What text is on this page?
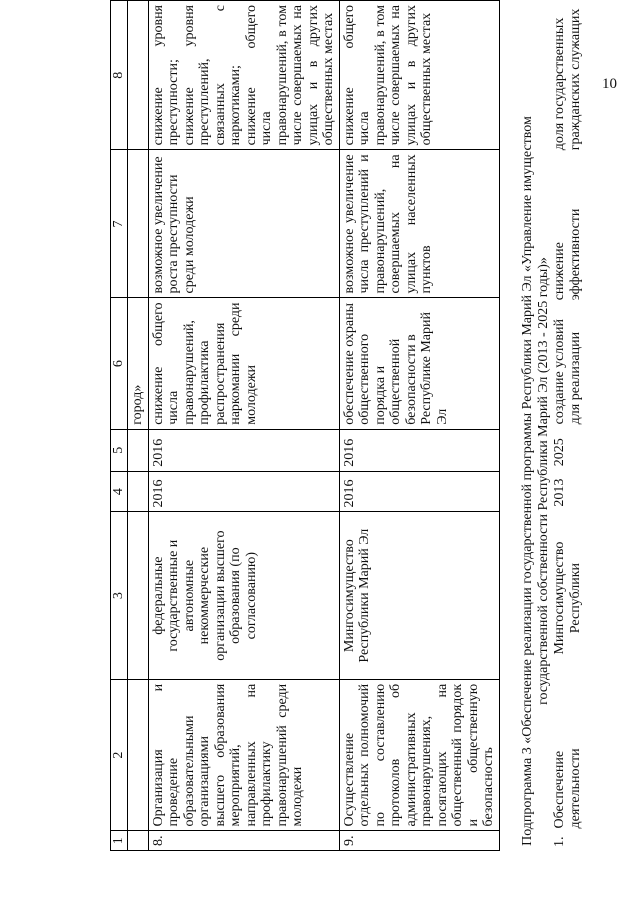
10
1	2	3	4	5	6	7	8
					город»		
8.	Организация и проведение образовательными организациями высшего образования мероприятий, направленных на профилактику правонарушений среди молодежи	федеральные государственные и автономные некоммерческие организации высшего образования (по согласованию)	2016	2016	снижение общего числа правонарушений, профилактика распространения наркомании среди молодежи	возможное увеличение роста преступности среди молодежи	снижение уровня преступности; снижение уровня преступлений, связанных с наркотиками; снижение общего числа правонарушений, в том числе совершаемых на улицах и в других общественных местах
9.	Осуществление отдельных полномочий по составлению протоколов об административных правонарушениях, посягающих на общественный порядок и общественную безопасность	Мингосимущество Республики Марий Эл	2016	2016	обеспечение охраны общественного порядка и общественной безопасности в Республике Марий Эл	возможное увеличение числа преступлений и правонарушений, совершаемых на улицах населенных пунктов	снижение общего числа правонарушений, в том числе совершаемых на улицах и в других общественных местах
Подпрограмма 3 «Обеспечение реализации государственной программы Республики Марий Эл «Управление имуществом государственной собственности Республики Марий Эл (2013 - 2025 годы)»
1.	Обеспечение деятельности	Мингосимущество Республики	2013	2025	создание условий для реализации	снижение эффективности	доля государственных гражданских служащих
